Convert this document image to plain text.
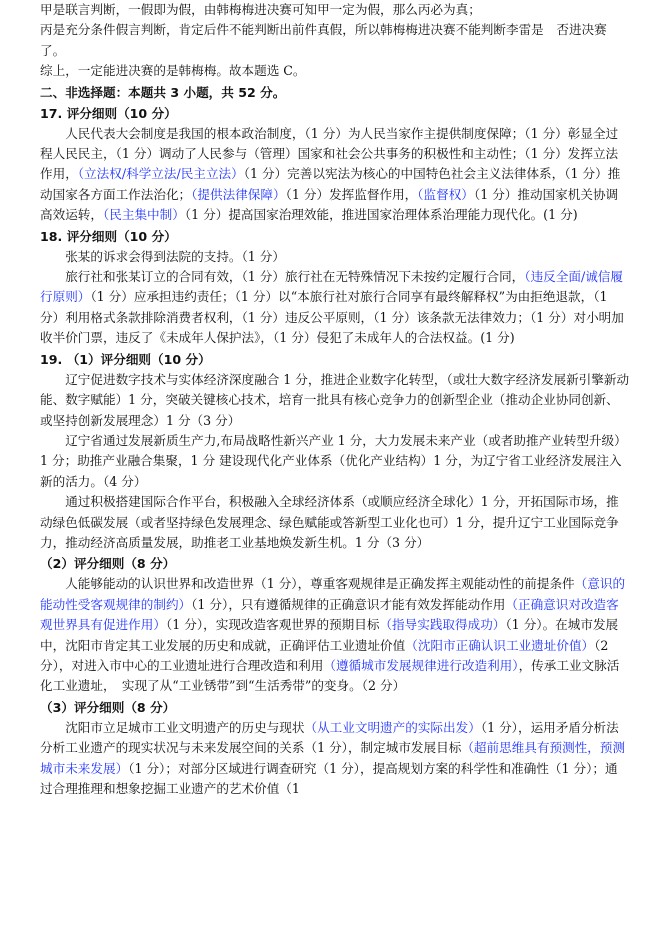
甲是联言判断，一假即为假，由韩梅梅进决赛可知甲一定为假，那么丙必为真；

丙是充分条件假言判断，肯定后件不能判断出前件真假，所以韩梅梅进决赛不能判断李雷是　否进决赛了。

综上，一定能进决赛的是韩梅梅。故本题选 C。

二、非选择题：本题共 3 小题，共 52 分。
17. 评分细则（10 分）

人民代表大会制度是我国的根本政治制度，（1 分）为人民当家作主提供制度保障；（1 分）彰显全过程人民民主，（1 分）调动了人民参与（管理）国家和社会公共事务的积极性和主动性；（1 分）发挥立法作用，（立法权/科学立法/民主立法）（1 分）完善以宪法为核心的中国特色社会主义法律体系，（1 分）推动国家各方面工作法治化；（提供法律保障）（1 分）发挥监督作用，（监督权）（1 分）推动国家机关协调高效运转，（民主集中制）（1 分）提高国家治理效能，推进国家治理体系治理能力现代化。(1 分)

18. 评分细则（10 分）

张某的诉求会得到法院的支持。（1 分）

旅行社和张某订立的合同有效，（1 分）旅行社在无特殊情况下未按约定履行合同，（违反全面/诚信履行原则）（1 分）应承担违约责任；（1 分）以“本旅行社对旅行合同享有最终解释权”为由拒绝退款，（1 分）利用格式条款排除消费者权利，（1 分）违反公平原则，（1 分）该条款无法律效力；（1 分）对小明加收半价门票，违反了《未成年人保护法》，（1 分）侵犯了未成年人的合法权益。(1 分)

19. （1）评分细则（10 分）

辽宁促进数字技术与实体经济深度融合 1 分，推进企业数字化转型，（或壮大数字经济发展新引擎新动能、数字赋能）1 分，突破关键核心技术，培育一批具有核心竞争力的创新型企业（推动企业协同创新、或坚持创新发展理念）1 分（3 分）

辽宁省通过发展新质生产力,布局战略性新兴产业 1 分，大力发展未来产业（或者助推产业转型升级）1 分；助推产业融合集聚，1 分 建设现代化产业体系（优化产业结构）1 分，为辽宁省工业经济发展注入新的活力。（4 分）

通过积极搭建国际合作平台，积极融入全球经济体系（或顺应经济全球化）1 分，开拓国际市场，推动绿色低碳发展（或者坚持绿色发展理念、绿色赋能或答新型工业化也可）1 分，提升辽宁工业国际竞争力，推动经济高质量发展，助推老工业基地焕发新生机。1 分（3 分）

（2）评分细则（8 分）

人能够能动的认识世界和改造世界（1 分），尊重客观规律是正确发挥主观能动性的前提条件（意识的能动性受客观规律的制约）（1 分），只有遵循规律的正确意识才能有效发挥能动作用（正确意识对改造客观世界具有促进作用）（1 分），实现改造客观世界的预期目标（指导实践取得成功）（1 分）。在城市发展中，沈阳市肯定其工业发展的历史和成就，正确评估工业遗址价值（沈阳市正确认识工业遗址价值）（2 分），对进入市中心的工业遗址进行合理改造和利用（遵循城市发展规律进行改造利用），传承工业文脉活化工业遗址，　实现了从“工业锈带”到“生活秀带”的变身。（2 分）

（3）评分细则（8 分）

沈阳市立足城市工业文明遗产的历史与现状（从工业文明遗产的实际出发）（1 分），运用矛盾分析法分析工业遗产的现实状况与未来发展空间的关系（1 分），制定城市发展目标（超前思维具有预测性，预测城市未来发展）（1 分）；对部分区域进行调查研究（1 分），提高规划方案的科学性和准确性（1 分）；通过合理推理和想象挖掘工业遗产的艺术价值（1
